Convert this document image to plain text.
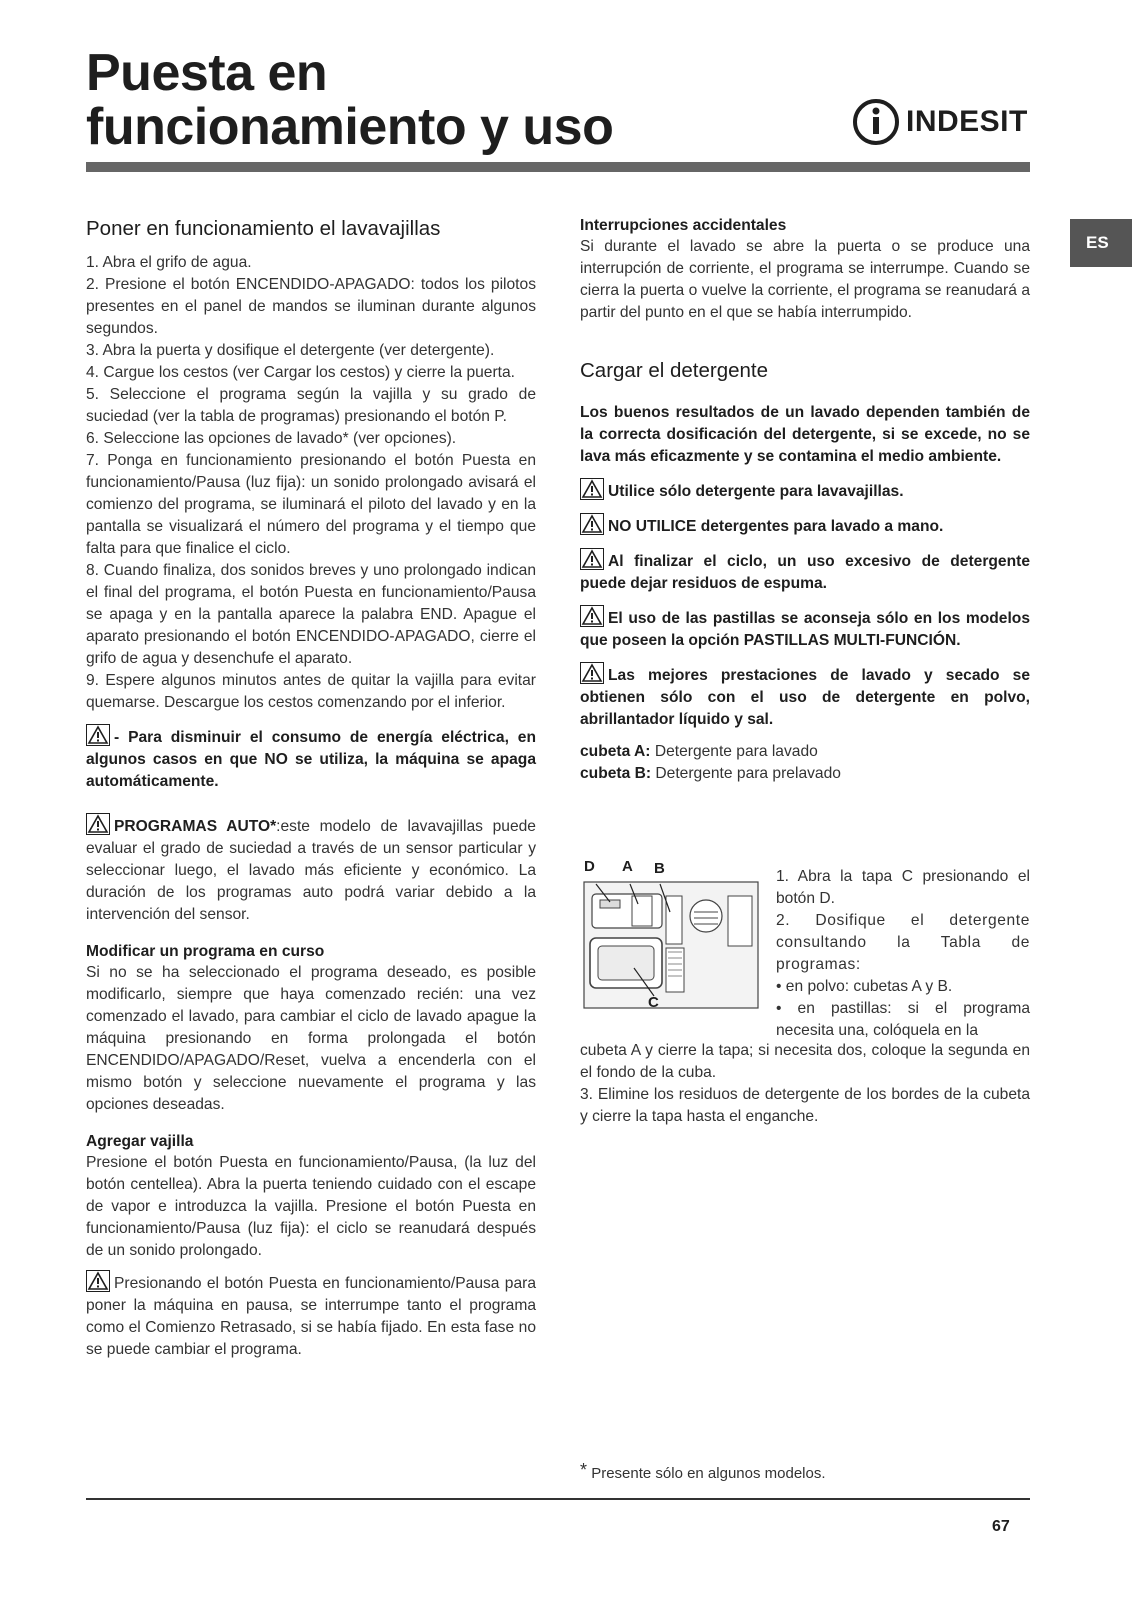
Puesta en
funcionamiento y uso	INDESIT
ES
Poner en funcionamiento el lavavajillas

1. Abra el grifo de agua.

2. Presione el botón ENCENDIDO-APAGADO: todos los pilotos presentes en el panel de mandos se iluminan durante algunos segundos.

3. Abra la puerta y dosifique el detergente (ver detergente).

4. Cargue los cestos (ver Cargar los cestos) y cierre la puerta.

5. Seleccione el programa según la vajilla y su grado de suciedad (ver la tabla de programas) presionando el botón P.

6. Seleccione las opciones de lavado* (ver opciones).

7. Ponga en funcionamiento presionando el botón Puesta en funcionamiento/Pausa (luz fija): un sonido prolongado avisará el comienzo del programa, se iluminará el piloto del lavado y en la pantalla se visualizará el número del programa y el tiempo que falta para que finalice el ciclo.

8. Cuando finaliza, dos sonidos breves y uno prolongado indican el final del programa, el botón Puesta en funcionamiento/Pausa se apaga y en la pantalla aparece la palabra END. Apague el aparato presionando el botón ENCENDIDO-APAGADO, cierre el grifo de agua y desenchufe el aparato.

9. Espere algunos minutos antes de quitar la vajilla para evitar quemarse. Descargue los cestos comenzando por el inferior.

- Para disminuir el consumo de energía eléctrica, en algunos casos en que NO se utiliza, la máquina se apaga automáticamente.

PROGRAMAS AUTO*:este modelo de lavavajillas puede evaluar el grado de suciedad a través de un sensor particular y seleccionar luego, el lavado más eficiente y económico. La duración de los programas auto podrá variar debido a la intervención del sensor.

Modificar un programa en curso

Si no se ha seleccionado el programa deseado, es posible modificarlo, siempre que haya comenzado recién: una vez comenzado el lavado, para cambiar el ciclo de lavado apague la máquina presionando en forma prolongada el botón ENCENDIDO/APAGADO/Reset, vuelva a encenderla con el mismo botón y seleccione nuevamente el programa y las opciones deseadas.

Agregar vajilla

Presione el botón Puesta en funcionamiento/Pausa, (la luz del botón centellea). Abra la puerta teniendo cuidado con el escape de vapor e introduzca la vajilla. Presione el botón Puesta en funcionamiento/Pausa (luz fija): el ciclo se reanudará después de un sonido prolongado.

Presionando el botón Puesta en funcionamiento/Pausa para poner la máquina en pausa, se interrumpe tanto el programa como el Comienzo Retrasado, si se había fijado. En esta fase no se puede cambiar el programa.

Interrupciones accidentales

Si durante el lavado se abre la puerta o se produce una interrupción de corriente, el programa se interrumpe. Cuando se cierra la puerta o vuelve la corriente, el programa se reanudará a partir del punto en el que se había interrumpido.

Cargar el detergente

Los buenos resultados de un lavado dependen también de la correcta dosificación del detergente, si se excede, no se lava más eficazmente y se contamina el medio ambiente.

Utilice sólo detergente para lavavajillas.

NO UTILICE detergentes para lavado a mano.

Al finalizar el ciclo, un uso excesivo de detergente puede dejar residuos de espuma.

El uso de las pastillas se aconseja sólo en los modelos que poseen la opción PASTILLAS MULTI-FUNCIÓN.

Las mejores prestaciones de lavado y secado se obtienen sólo con el uso de detergente en polvo, abrillantador líquido y sal.

cubeta A: Detergente para lavado

cubeta B: Detergente para prelavado

D A B
C

1. Abra la tapa C presionando el botón D.

2. Dosifique el detergente consultando la Tabla de programas:

• en polvo: cubetas A y B.

• en pastillas: si el programa necesita una, colóquela en la

cubeta A y cierre la tapa; si necesita dos, coloque la segunda en el fondo de la cuba.

3. Elimine los residuos de detergente de los bordes de la cubeta y cierre la tapa hasta el enganche.

* Presente sólo en algunos modelos.
67
